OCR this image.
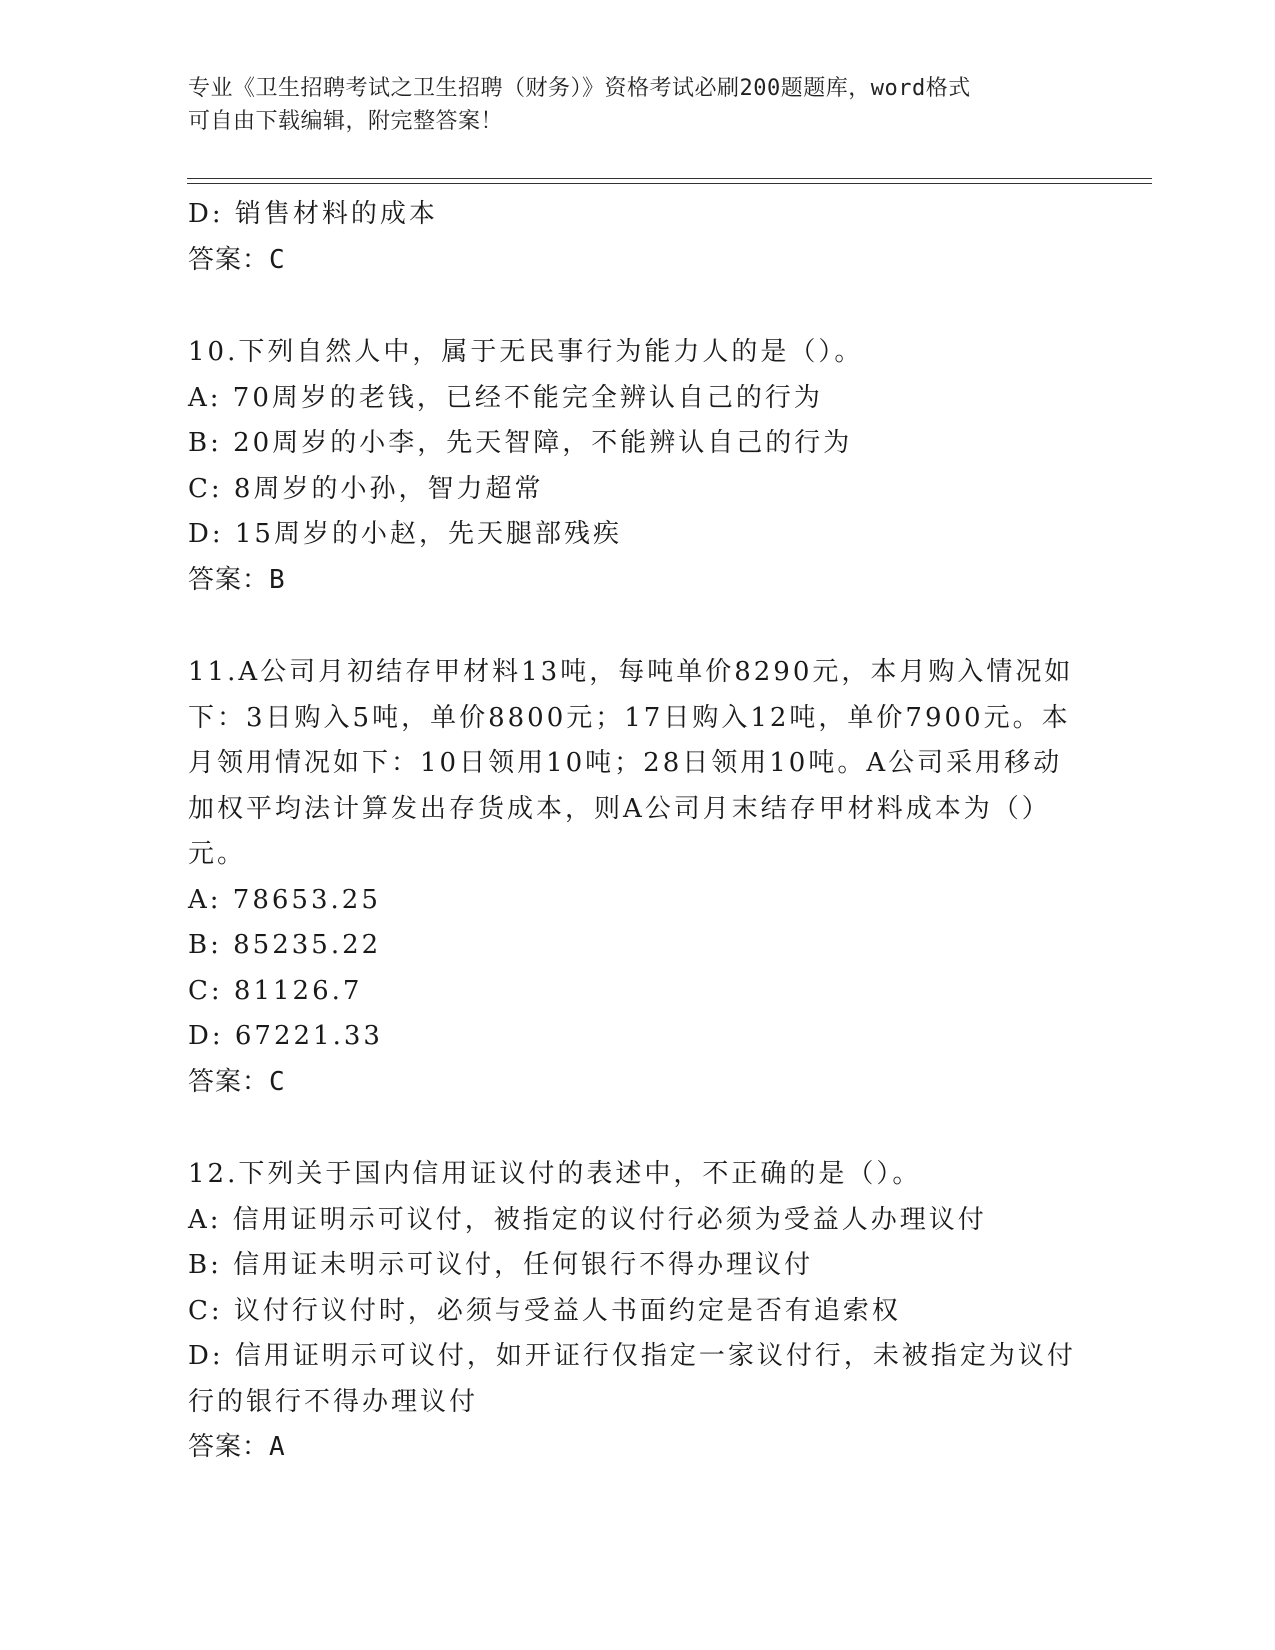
专业《卫生招聘考试之卫生招聘（财务）》资格考试必刷200题题库，word格式
可自由下载编辑，附完整答案！
D: 销售材料的成本
答案：C
10.下列自然人中，属于无民事行为能力人的是（）。
A: 70周岁的老钱，已经不能完全辨认自己的行为
B: 20周岁的小李，先天智障，不能辨认自己的行为
C: 8周岁的小孙，智力超常
D: 15周岁的小赵，先天腿部残疾
答案：B
11.A公司月初结存甲材料13吨，每吨单价8290元，本月购入情况如
下：3日购入5吨，单价8800元；17日购入12吨，单价7900元。本
月领用情况如下：10日领用10吨；28日领用10吨。A公司采用移动
加权平均法计算发出存货成本，则A公司月末结存甲材料成本为（）
元。
A: 78653.25
B: 85235.22
C: 81126.7
D: 67221.33
答案：C
12.下列关于国内信用证议付的表述中，不正确的是（）。
A: 信用证明示可议付，被指定的议付行必须为受益人办理议付
B: 信用证未明示可议付，任何银行不得办理议付
C: 议付行议付时，必须与受益人书面约定是否有追索权
D: 信用证明示可议付，如开证行仅指定一家议付行，未被指定为议付
行的银行不得办理议付
答案：A
